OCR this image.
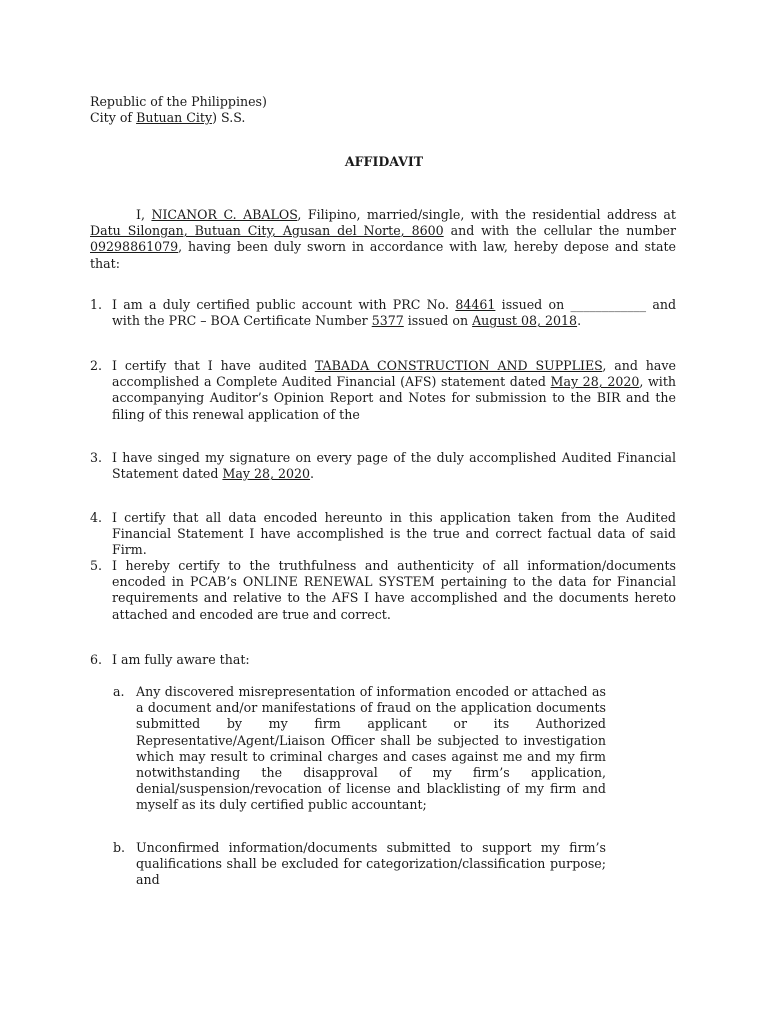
Republic of the Philippines)
City of Butuan City) S.S.
AFFIDAVIT
I, NICANOR C. ABALOS, Filipino, married/single, with the residential address at Datu Silongan, Butuan City, Agusan del Norte, 8600 and with the cellular the number 09298861079, having been duly sworn in accordance with law, hereby depose and state that:
1. I am a duly certified public account with PRC No. 84461 issued on ____________ and with the PRC – BOA Certificate Number 5377 issued on August 08, 2018.
2. I certify that I have audited TABADA CONSTRUCTION AND SUPPLIES, and have accomplished a Complete Audited Financial (AFS) statement dated May 28, 2020, with accompanying Auditor’s Opinion Report and Notes for submission to the BIR and the filing of this renewal application of the
3. I have singed my signature on every page of the duly accomplished Audited Financial Statement dated May 28, 2020.
4. I certify that all data encoded hereunto in this application taken from the Audited Financial Statement I have accomplished is the true and correct factual data of said Firm.
5. I hereby certify to the truthfulness and authenticity of all information/documents encoded in PCAB’s ONLINE RENEWAL SYSTEM pertaining to the data for Financial requirements and relative to the AFS I have accomplished and the documents hereto attached and encoded are true and correct.
6. I am fully aware that:
a. Any discovered misrepresentation of information encoded or attached as a document and/or manifestations of fraud on the application documents submitted by my firm applicant or its Authorized Representative/Agent/Liaison Officer shall be subjected to investigation which may result to criminal charges and cases against me and my firm notwithstanding the disapproval of my firm’s application, denial/suspension/revocation of license and blacklisting of my firm and myself as its duly certified public accountant;
b. Unconfirmed information/documents submitted to support my firm’s qualifications shall be excluded for categorization/classification purpose; and
